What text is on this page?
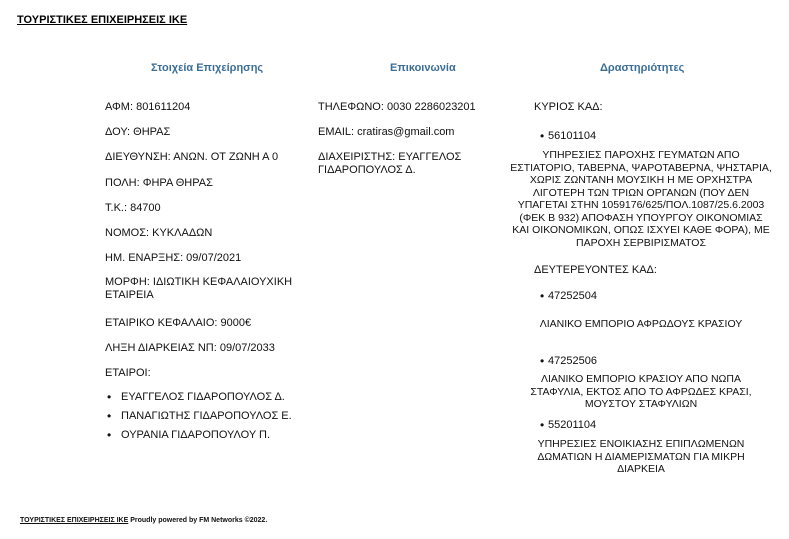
ΤΟΥΡΙΣΤΙΚΕΣ ΕΠΙΧΕΙΡΗΣΕΙΣ ΙΚΕ
Στοιχεία Επιχείρησης
ΑΦΜ: 801611204
ΔΟΥ: ΘΗΡΑΣ
ΔΙΕΥΘΥΝΣΗ: ΑΝΩΝ. ΟΤ ΖΩΝΗ Α 0
ΠΟΛΗ: ΦΗΡΑ ΘΗΡΑΣ
Τ.Κ.: 84700
ΝΟΜΟΣ: ΚΥΚΛΑΔΩΝ
ΗΜ. ΕΝΑΡΞΗΣ: 09/07/2021
ΜΟΡΦΗ: ΙΔΙΩΤΙΚΗ ΚΕΦΑΛΑΙΟΥΧΙΚΗ ΕΤΑΙΡΕΙΑ
ΕΤΑΙΡΙΚΟ ΚΕΦΑΛΑΙΟ: 9000€
ΛΗΞΗ ΔΙΑΡΚΕΙΑΣ ΝΠ: 09/07/2033
ΕΤΑΙΡΟΙ:
• ΕΥΑΓΓΕΛΟΣ ΓΙΔΑΡΟΠΟΥΛΟΣ Δ.
• ΠΑΝΑΓΙΩΤΗΣ ΓΙΔΑΡΟΠΟΥΛΟΣ Ε.
• ΟΥΡΑΝΙΑ ΓΙΔΑΡΟΠΟΥΛΟΥ Π.
Επικοινωνία
ΤΗΛΕΦΩΝΟ: 0030 2286023201
EMAIL: cratiras@gmail.com
ΔΙΑΧΕΙΡΙΣΤΗΣ: ΕΥΑΓΓΕΛΟΣ ΓΙΔΑΡΟΠΟΥΛΟΣ Δ.
Δραστηριότητες
ΚΥΡΙΟΣ ΚΑΔ:
• 56101104
ΥΠΗΡΕΣΙΕΣ ΠΑΡΟΧΗΣ ΓΕΥΜΑΤΩΝ ΑΠΟ ΕΣΤΙΑΤΟΡΙΟ, ΤΑΒΕΡΝΑ, ΨΑΡΟΤΑΒΕΡΝΑ, ΨΗΣΤΑΡΙΑ, ΧΩΡΙΣ ΖΩΝΤΑΝΗ ΜΟΥΣΙΚΗ Η ΜΕ ΟΡΧΗΣΤΡΑ ΛΙΓΟΤΕΡΗ ΤΩΝ ΤΡΙΩΝ ΟΡΓΑΝΩΝ (ΠΟΥ ΔΕΝ ΥΠΑΓΕΤΑΙ ΣΤΗΝ 1059176/625/ΠΟΛ.1087/25.6.2003 (ΦΕΚ Β 932) ΑΠΟΦΑΣΗ ΥΠΟΥΡΓΟΥ ΟΙΚΟΝΟΜΙΑΣ ΚΑΙ ΟΙΚΟΝΟΜΙΚΩΝ, ΟΠΩΣ ΙΣΧΥΕΙ ΚΑΘΕ ΦΟΡΑ), ΜΕ ΠΑΡΟΧΗ ΣΕΡΒΙΡΙΣΜΑΤΟΣ
ΔΕΥΤΕΡΕΥΟΝΤΕΣ ΚΑΔ:
• 47252504
ΛΙΑΝΙΚΟ ΕΜΠΟΡΙΟ ΑΦΡΩΔΟΥΣ ΚΡΑΣΙΟΥ
• 47252506
ΛΙΑΝΙΚΟ ΕΜΠΟΡΙΟ ΚΡΑΣΙΟΥ ΑΠΟ ΝΩΠΑ ΣΤΑΦΥΛΙΑ, ΕΚΤΟΣ ΑΠΟ ΤΟ ΑΦΡΩΔΕΣ ΚΡΑΣΙ, ΜΟΥΣΤΟΥ ΣΤΑΦΥΛΙΩΝ
• 55201104
ΥΠΗΡΕΣΙΕΣ ΕΝΟΙΚΙΑΣΗΣ ΕΠΙΠΛΩΜΕΝΩΝ ΔΩΜΑΤΙΩΝ Η ΔΙΑΜΕΡΙΣΜΑΤΩΝ ΓΙΑ ΜΙΚΡΗ ΔΙΑΡΚΕΙΑ
ΤΟΥΡΙΣΤΙΚΕΣ ΕΠΙΧΕΙΡΗΣΕΙΣ ΙΚΕ Proudly powered by FM Networks ©2022.
